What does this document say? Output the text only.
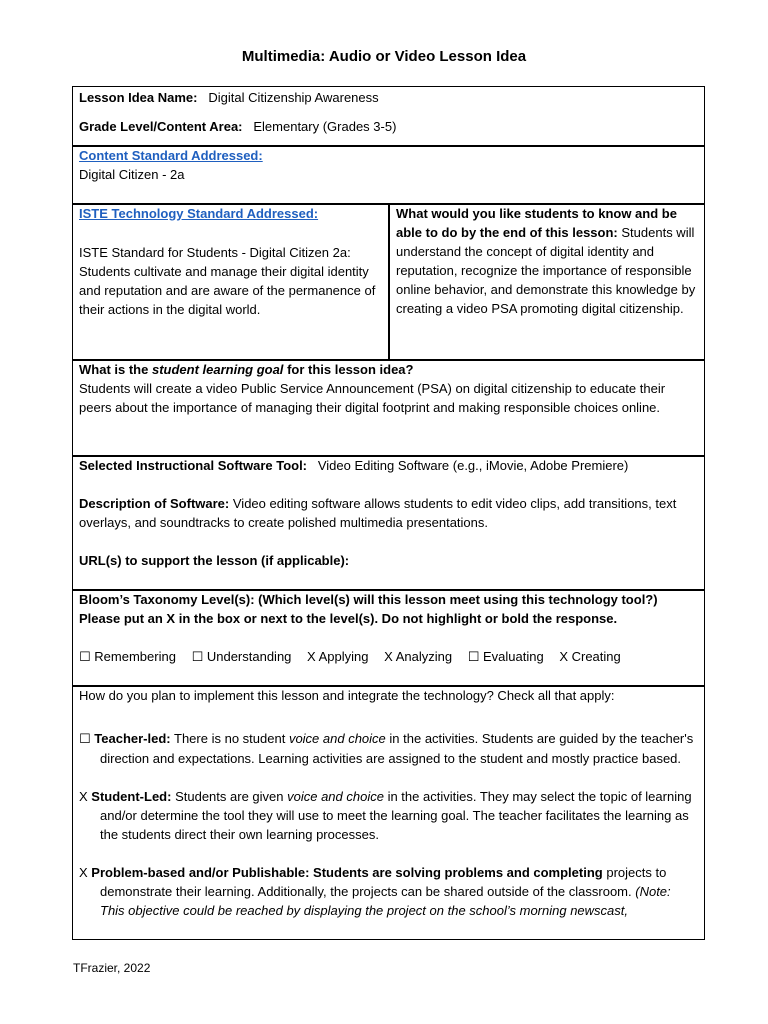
Multimedia: Audio or Video Lesson Idea

Lesson Idea Name: Digital Citizenship Awareness

Grade Level/Content Area: Elementary (Grades 3-5)

Content Standard Addressed:

Digital Citizen - 2a

ISTE Technology Standard Addressed:

ISTE Standard for Students - Digital Citizen 2a: Students cultivate and manage their digital identity and reputation and are aware of the permanence of their actions in the digital world.

What would you like students to know and be able to do by the end of this lesson: Students will understand the concept of digital identity and reputation, recognize the importance of responsible online behavior, and demonstrate this knowledge by creating a video PSA promoting digital citizenship.

What is the student learning goal for this lesson idea?

Students will create a video Public Service Announcement (PSA) on digital citizenship to educate their peers about the importance of managing their digital footprint and making responsible choices online.

Selected Instructional Software Tool: Video Editing Software (e.g., iMovie, Adobe Premiere)

Description of Software: Video editing software allows students to edit video clips, add transitions, text overlays, and soundtracks to create polished multimedia presentations.

URL(s) to support the lesson (if applicable):

Bloom’s Taxonomy Level(s): (Which level(s) will this lesson meet using this technology tool?) Please put an X in the box or next to the level(s). Do not highlight or bold the response.

☐ Remembering ☐ Understanding X Applying X Analyzing ☐ Evaluating X Creating

How do you plan to implement this lesson and integrate the technology? Check all that apply:

☐ Teacher-led: There is no student voice and choice in the activities. Students are guided by the teacher's direction and expectations. Learning activities are assigned to the student and mostly practice based.

X Student-Led: Students are given voice and choice in the activities. They may select the topic of learning and/or determine the tool they will use to meet the learning goal. The teacher facilitates the learning as the students direct their own learning processes.

X Problem-based and/or Publishable: Students are solving problems and completing projects to demonstrate their learning. Additionally, the projects can be shared outside of the classroom. (Note: This objective could be reached by displaying the project on the school’s morning newscast,

TFrazier, 2022
